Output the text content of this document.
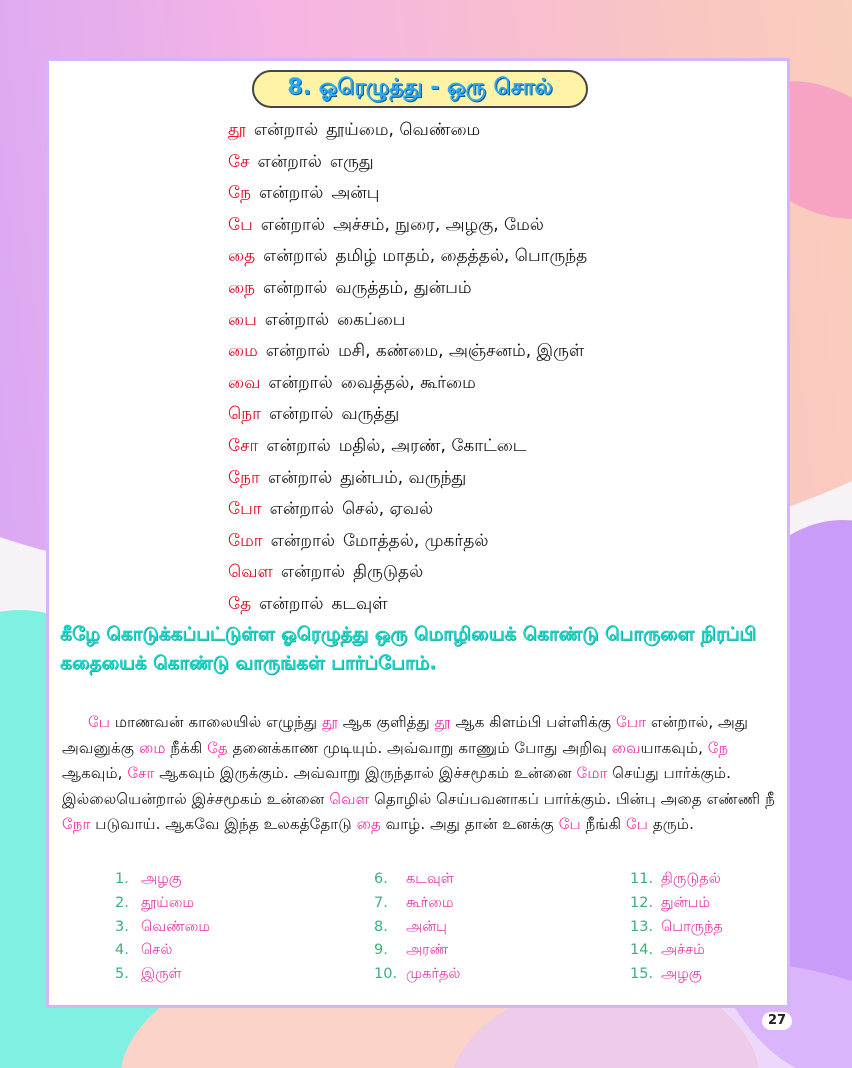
8. ஓரெழுத்து - ஒரு சொல்
தூ என்றால் தூய்மை, வெண்மை
சே என்றால் எருது
நே என்றால் அன்பு
பே என்றால் அச்சம், நுரை, அழகு, மேல்
தை என்றால் தமிழ் மாதம், தைத்தல், பொருந்த
நை என்றால் வருத்தம், துன்பம்
பை என்றால் கைப்பை
மை என்றால் மசி, கண்மை, அஞ்சனம், இருள்
வை என்றால் வைத்தல், கூர்மை
நொ என்றால் வருத்து
சோ என்றால் மதில், அரண், கோட்டை
நோ என்றால் துன்பம், வருந்து
போ என்றால் செல், ஏவல்
மோ என்றால் மோத்தல், முகர்தல்
வௌ என்றால் திருடுதல்
தே என்றால் கடவுள்
கீழே கொடுக்கப்பட்டுள்ள ஓரெழுத்து ஒரு மொழியைக் கொண்டு பொருளை நிரப்பி
கதையைக் கொண்டு வாருங்கள் பார்ப்போம்.

பே மாணவன் காலையில் எழுந்து தூ ஆக குளித்து தூ ஆக கிளம்பி பள்ளிக்கு போ என்றால், அது அவனுக்கு மை நீக்கி தே தனைக்காண முடியும். அவ்வாறு காணும் போது அறிவு வையாகவும், நே ஆகவும், சோ ஆகவும் இருக்கும். அவ்வாறு இருந்தால் இச்சமூகம் உன்னை மோ செய்து பார்க்கும். இல்லையென்றால் இச்சமூகம் உன்னை வௌ தொழில் செய்பவனாகப் பார்க்கும். பின்பு அதை எண்ணி நீ நோ படுவாய். ஆகவே இந்த உலகத்தோடு தை வாழ். அது தான் உனக்கு பே நீங்கி பே தரும்.

1. அழகு
2. தூய்மை
3. வெண்மை
4. செல்
5. இருள்
6. கடவுள்
7. கூர்மை
8. அன்பு
9. அரண்
10. முகர்தல்
11. திருடுதல்
12. துன்பம்
13. பொருந்த
14. அச்சம்
15. அழகு
27
